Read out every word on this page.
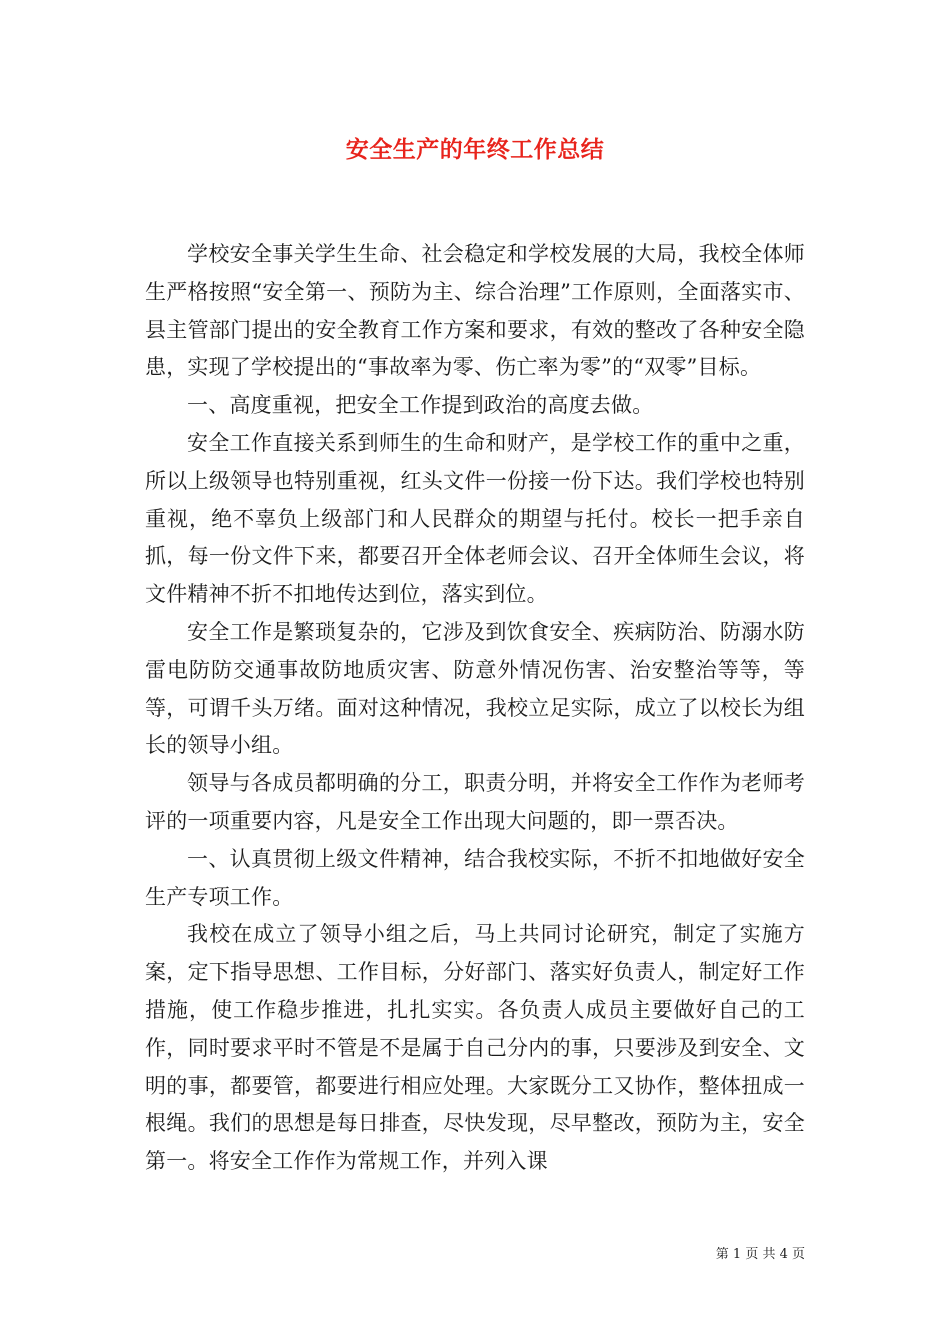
安全生产的年终工作总结

学校安全事关学生生命、社会稳定和学校发展的大局，我校全体师生严格按照“安全第一、预防为主、综合治理”工作原则，全面落实市、县主管部门提出的安全教育工作方案和要求，有效的整改了各种安全隐患，实现了学校提出的“事故率为零、伤亡率为零”的“双零”目标。

一、高度重视，把安全工作提到政治的高度去做。

安全工作直接关系到师生的生命和财产，是学校工作的重中之重，所以上级领导也特别重视，红头文件一份接一份下达。我们学校也特别重视，绝不辜负上级部门和人民群众的期望与托付。校长一把手亲自抓，每一份文件下来，都要召开全体老师会议、召开全体师生会议，将文件精神不折不扣地传达到位，落实到位。

安全工作是繁琐复杂的，它涉及到饮食安全、疾病防治、防溺水防雷电防防交通事故防地质灾害、防意外情况伤害、治安整治等等，等等，可谓千头万绪。面对这种情况，我校立足实际，成立了以校长为组长的领导小组。

领导与各成员都明确的分工，职责分明，并将安全工作作为老师考评的一项重要内容，凡是安全工作出现大问题的，即一票否决。

一、认真贯彻上级文件精神，结合我校实际，不折不扣地做好安全生产专项工作。

我校在成立了领导小组之后，马上共同讨论研究，制定了实施方案，定下指导思想、工作目标，分好部门、落实好负责人，制定好工作措施，使工作稳步推进，扎扎实实。各负责人成员主要做好自己的工作，同时要求平时不管是不是属于自己分内的事，只要涉及到安全、文明的事，都要管，都要进行相应处理。大家既分工又协作，整体扭成一根绳。我们的思想是每日排查，尽快发现，尽早整改，预防为主，安全第一。将安全工作作为常规工作，并列入课

第 1 页 共 4 页
